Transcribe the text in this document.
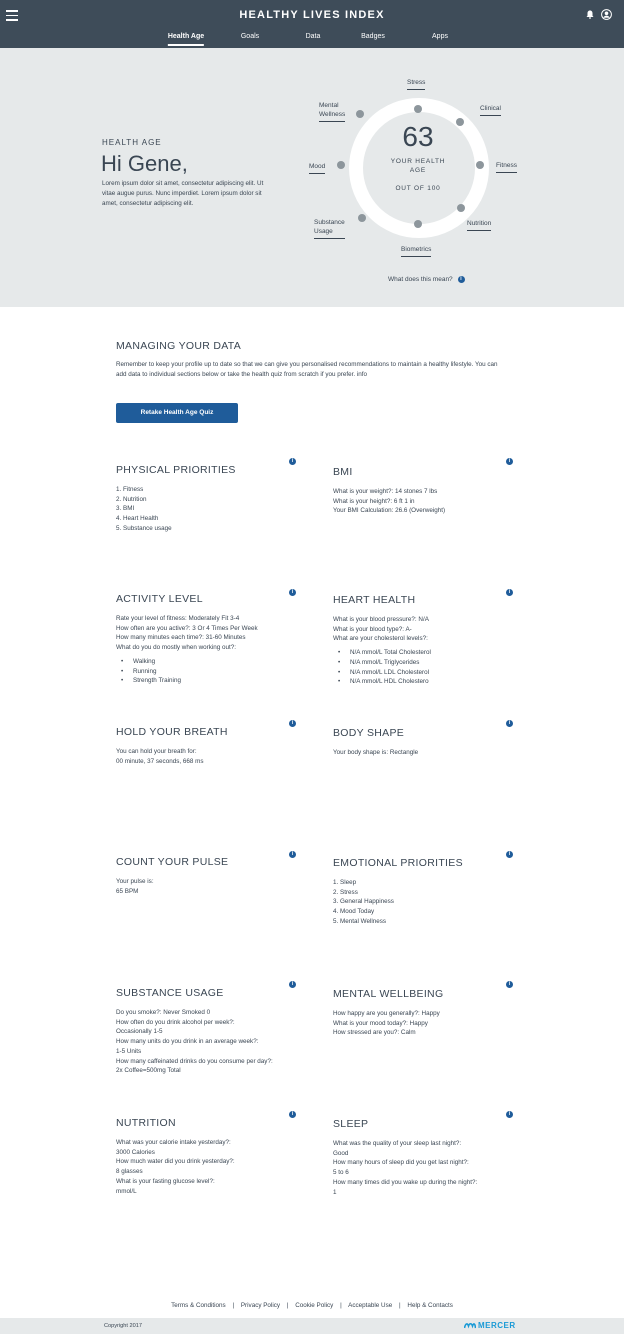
HEALTHY LIVES INDEX
Health Age	Goals	Data	Badges	Apps
HEALTH AGE
Hi Gene,
Lorem ipsum dolor sit amet, consectetur adipiscing elit. Ut vitae augue purus. Nunc imperdiet. Lorem ipsum dolor sit amet, consectetur adipiscing elit.
63
YOUR HEALTH AGE
OUT OF 100
Stress
Clinical
Fitness
Nutrition
Biometrics
Substance
Usage
Mood
Mental
Wellness
What does this mean? i
MANAGING YOUR DATA
Remember to keep your profile up to date so that we can give you personalised recommendations to maintain a healthy lifestyle. You can add data to individual sections below or take the health quiz from scratch if you prefer. info
Retake Health Age Quiz
PHYSICAL PRIORITIES
1. Fitness
2. Nutrition
3. BMI
4. Heart Health
5. Substance usage
i
BMI
What is your weight?: 14 stones 7 lbs
What is your height?: 6 ft 1 in
Your BMI Calculation: 26.6 (Overweight)
i
ACTIVITY LEVEL
Rate your level of fitness: Moderately Fit 3-4
How often are you active?: 3 Or 4 Times Per Week
How many minutes each time?: 31-60 Minutes
What do you do mostly when working out?:
• Walking
• Running
• Strength Training
i
HEART HEALTH
What is your blood pressure?: N/A
What is your blood type?: A-
What are your cholesterol levels?:
• N/A mmol/L Total Cholesterol
• N/A mmol/L Triglycerides
• N/A mmol/L LDL Cholesterol
• N/A mmol/L HDL Cholestero
i
HOLD YOUR BREATH
You can hold your breath for:
00 minute, 37 seconds, 668 ms
i
BODY SHAPE
Your body shape is: Rectangle
i
COUNT YOUR PULSE
Your pulse is:
65 BPM
i
EMOTIONAL PRIORITIES
1. Sleep
2. Stress
3. General Happiness
4. Mood Today
5. Mental Wellness
i
SUBSTANCE USAGE
Do you smoke?: Never Smoked 0
How often do you drink alcohol per week?:
Occasionally 1-5
How many units do you drink in an average week?:
1-5 Units
How many caffeinated drinks do you consume per day?:
2x Coffee=500mg Total
i
MENTAL WELLBEING
How happy are you generally?: Happy
What is your mood today?: Happy
How stressed are you?: Calm
i
NUTRITION
What was your calorie intake yesterday?:
3000 Calories
How much water did you drink yesterday?:
8 glasses
What is your fasting glucose level?:
mmol/L
i
SLEEP
What was the quality of your sleep last night?:
Good
How many hours of sleep did you get last night?:
5 to 6
How many times did you wake up during the night?:
1
i
Terms & Conditions | Privacy Policy | Cookie Policy | Acceptable Use | Help & Contacts
Copyright 2017	MERCER
